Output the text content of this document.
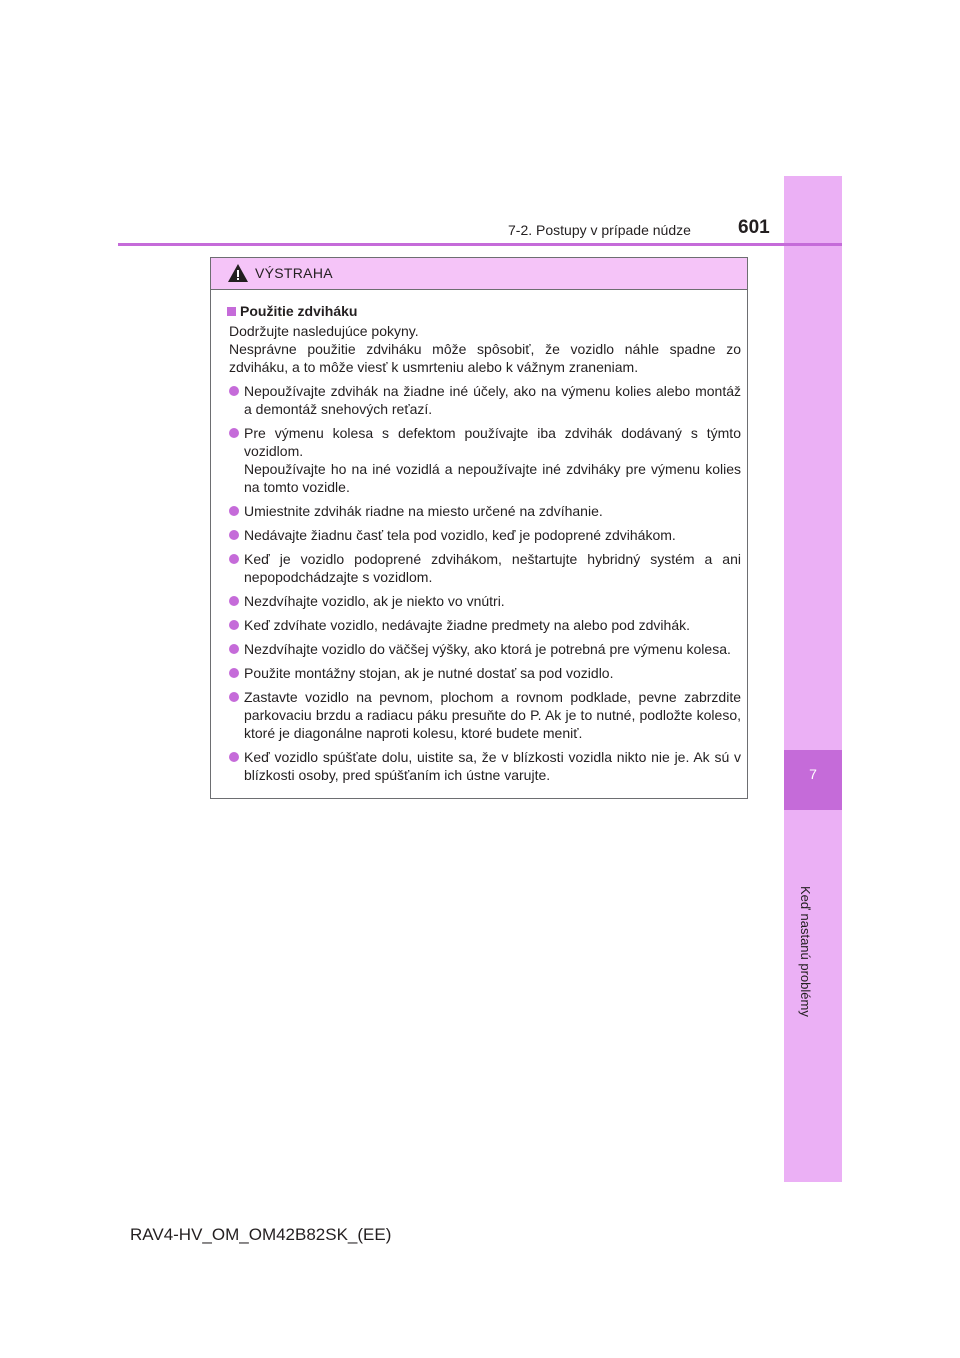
7
Keď nastanú problémy
7-2. Postupy v prípade núdze 601
VÝSTRAHA
Použitie zdviháku

Dodržujte nasledujúce pokyny.

Nesprávne použitie zdviháku môže spôsobiť, že vozidlo náhle spadne zo zdviháku, a to môže viesť k usmrteniu alebo k vážnym zraneniam.

Nepoužívajte zdvihák na žiadne iné účely, ako na výmenu kolies alebo montáž a demontáž snehových reťazí.

Pre výmenu kolesa s defektom používajte iba zdvihák dodávaný s týmto vozidlom.

Nepoužívajte ho na iné vozidlá a nepoužívajte iné zdviháky pre výmenu kolies na tomto vozidle.

Umiestnite zdvihák riadne na miesto určené na zdvíhanie.

Nedávajte žiadnu časť tela pod vozidlo, keď je podoprené zdvihákom.

Keď je vozidlo podoprené zdvihákom, neštartujte hybridný systém a ani nepopodchádzajte s vozidlom.

Nezdvíhajte vozidlo, ak je niekto vo vnútri.

Keď zdvíhate vozidlo, nedávajte žiadne predmety na alebo pod zdvihák.

Nezdvíhajte vozidlo do väčšej výšky, ako ktorá je potrebná pre výmenu kolesa.

Použite montážny stojan, ak je nutné dostať sa pod vozidlo.

Zastavte vozidlo na pevnom, plochom a rovnom podklade, pevne zabrzdite parkovaciu brzdu a radiacu páku presuňte do P. Ak je to nutné, podložte koleso, ktoré je diagonálne naproti kolesu, ktoré budete meniť.

Keď vozidlo spúšťate dolu, uistite sa, že v blízkosti vozidla nikto nie je. Ak sú v blízkosti osoby, pred spúšťaním ich ústne varujte.

RAV4-HV_OM_OM42B82SK_(EE)
